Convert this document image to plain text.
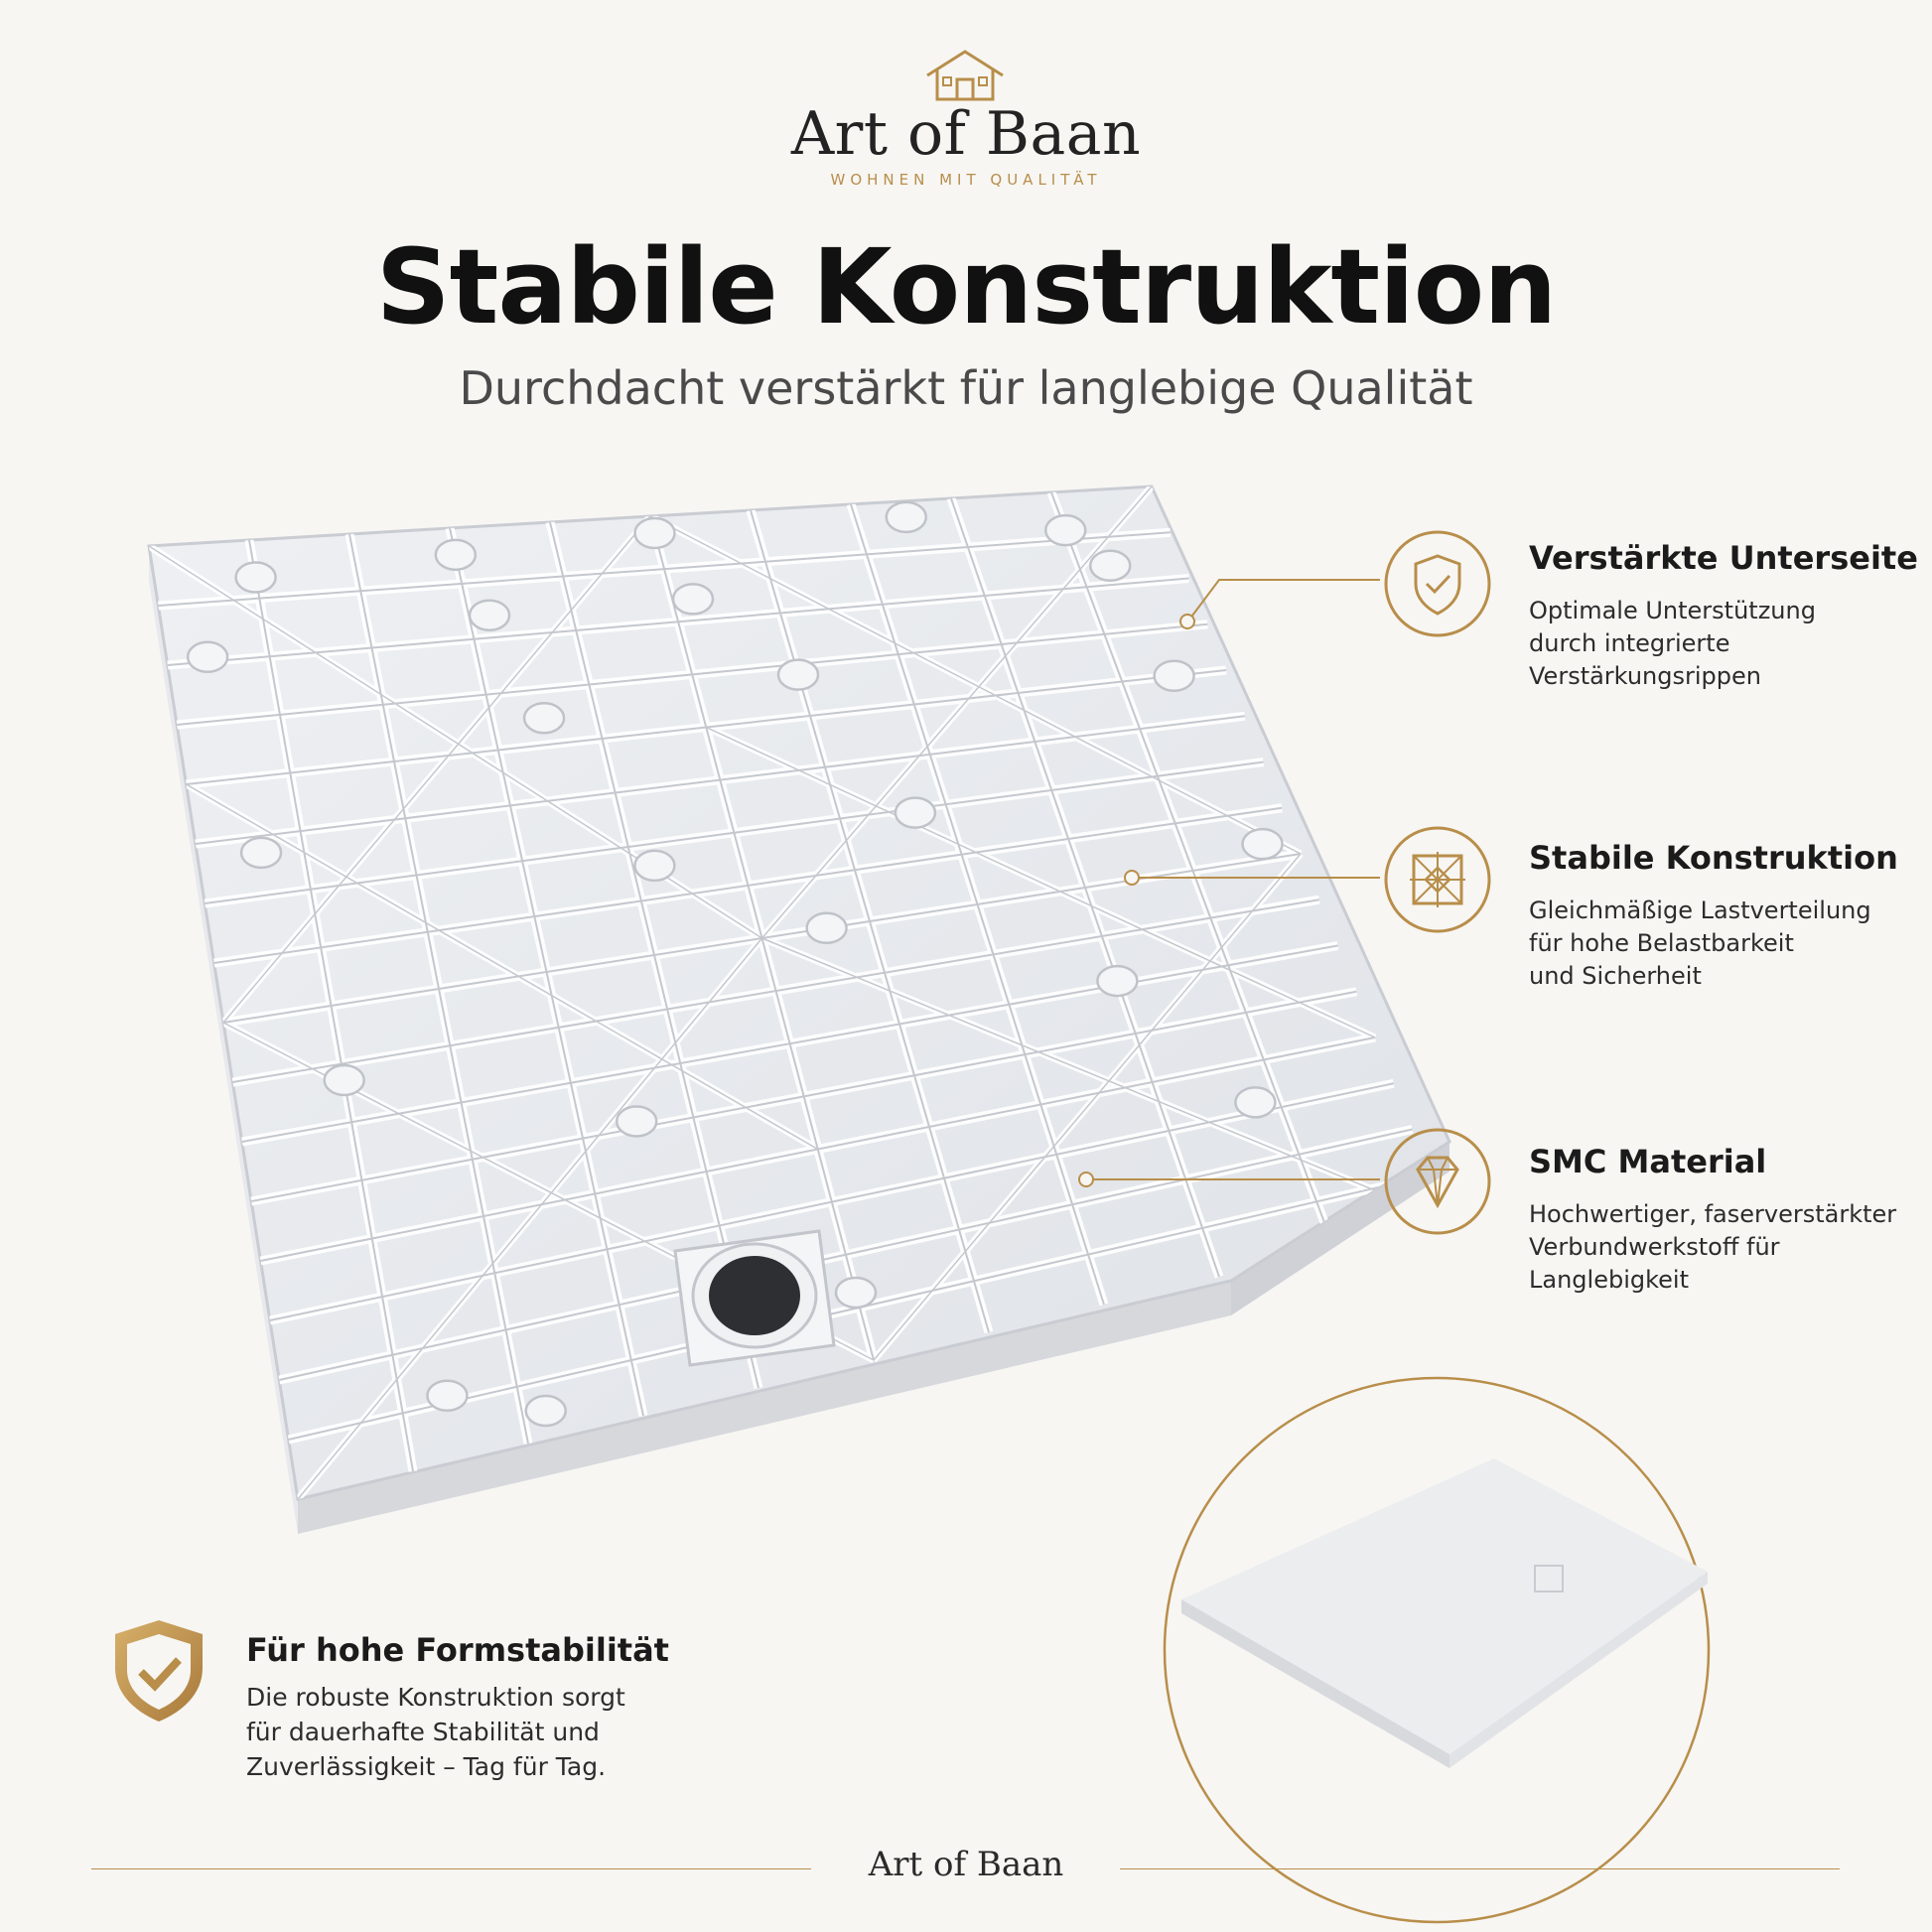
Art of Baan
WOHNEN MIT QUALITÄT
Stabile Konstruktion
Durchdacht verstärkt für langlebige Qualität
Verstärkte Unterseite
Optimale Unterstützung
durch integrierte
Verstärkungsrippen
Stabile Konstruktion
Gleichmäßige Lastverteilung
für hohe Belastbarkeit
und Sicherheit
SMC Material
Hochwertiger, faserverstärkter
Verbundwerkstoff für
Langlebigkeit
Für hohe Formstabilität
Die robuste Konstruktion sorgt
für dauerhafte Stabilität und
Zuverlässigkeit – Tag für Tag.
Art of Baan
